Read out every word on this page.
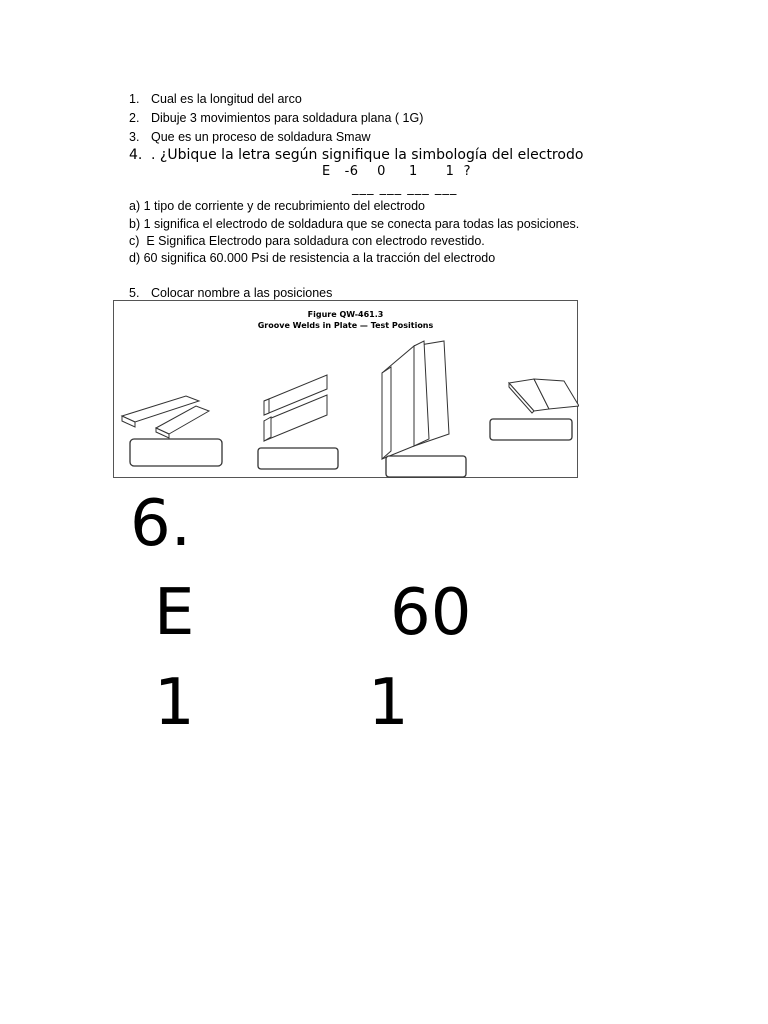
1. Cual es la longitud del arco
2. Dibuje 3 movimientos para soldadura plana ( 1G)
3. Que es un proceso de soldadura Smaw
4. . ¿Ubique la letra según signifique la simbología del electrodo
E   -6    0     1      1  ?
___ ___ ___ ___
a) 1 tipo de corriente y de recubrimiento del electrodo
b) 1 significa el electrodo de soldadura que se conecta para todas las posiciones.
c)  E Significa Electrodo para soldadura con electrodo revestido.
d) 60 significa 60.000 Psi de resistencia a la tracción del electrodo
5. Colocar nombre a las posiciones
Figure QW-461.3
Groove Welds in Plate — Test Positions
6.
E	60
1	1
